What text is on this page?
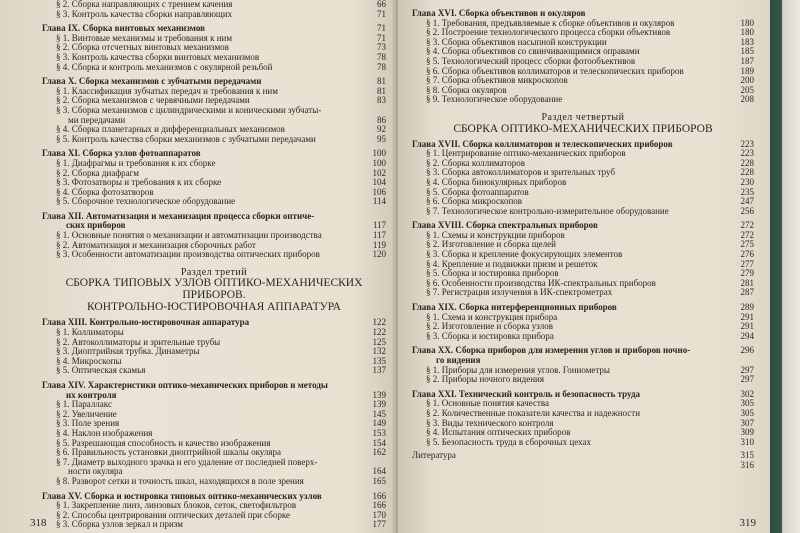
§ 2. Сборка направляющих с трением качения	66
§ 3. Контроль качества сборки направляющих	71
Глава IX. Сборка винтовых механизмов	71
§ 1. Винтовые механизмы и требования к ним	71
§ 2. Сборка отсчетных винтовых механизмов	73
§ 3. Контроль качества сборки винтовых механизмов	78
§ 4. Сборка и контроль механизмов с окулярной резьбой	78
Глава X. Сборка механизмов с зубчатыми передачами	81
§ 1. Классификация зубчатых передач и требования к ним	81
§ 2. Сборка механизмов с червячными передачами	83
§ 3. Сборка механизмов с цилиндрическими и коническими зубчаты-
ми передачами	86
§ 4. Сборка планетарных и дифференциальных механизмов	92
§ 5. Контроль качества сборки механизмов с зубчатыми передачами	95
Глава XI. Сборка узлов фотоаппаратов	100
§ 1. Диафрагмы и требования к их сборке	100
§ 2. Сборка диафрагм	102
§ 3. Фотозатворы и требования к их сборке	104
§ 4. Сборка фотозатворов	106
§ 5. Сборочное технологическое оборудование	114
Глава XII. Автоматизация и механизация процесса сборки оптиче-
ских приборов	117
§ 1. Основные понятия о механизации и автоматизации производства	117
§ 2. Автоматизация и механизация сборочных работ	119
§ 3. Особенности автоматизации производства оптических приборов	120
Раздел третий
СБОРКА ТИПОВЫХ УЗЛОВ ОПТИКО-МЕХАНИЧЕСКИХ ПРИБОРОВ.
КОНТРОЛЬНО-ЮСТИРОВОЧНАЯ АППАРАТУРА
Глава XIII. Контрольно-юстировочная аппаратура	122
§ 1. Коллиматоры	122
§ 2. Автоколлиматоры и зрительные трубы	125
§ 3. Диоптрийная трубка. Динаметры	132
§ 4. Микроскопы	135
§ 5. Оптическая скамья	137
Глава XIV. Характеристики оптико-механических приборов и методы
их контроля	139
§ 1. Параллакс	139
§ 2. Увеличение	145
§ 3. Поле зрения	149
§ 4. Наклон изображения	153
§ 5. Разрешающая способность и качество изображения	154
§ 6. Правильность установки диоптрийной шкалы окуляра	162
§ 7. Диаметр выходного зрачка и его удаление от последней поверх-
ности окуляра	164
§ 8. Разворот сетки и точность шкал, находящихся в поле зрения	165
Глава XV. Сборка и юстировка типовых оптико-механических узлов	166
§ 1. Закрепление линз, линзовых блоков, сеток, светофильтров	166
§ 2. Способы центрирования оптических деталей при сборке	170
§ 3. Сборка узлов зеркал и призм	177
318
Глава XVI. Сборка объективов и окуляров
§ 1. Требования, предъявляемые к сборке объективов и окуляров	180
§ 2. Построение технологического процесса сборки объективов	180
§ 3. Сборка объективов насыпной конструкции	183
§ 4. Сборка объективов со свинчивающимися оправами	185
§ 5. Технологический процесс сборки фотообъективов	187
§ 6. Сборка объективов коллиматоров и телескопических приборов	189
§ 7. Сборка объективов микроскопов	200
§ 8. Сборка окуляров	205
§ 9. Технологическое оборудование	208
Раздел четвертый
СБОРКА ОПТИКО-МЕХАНИЧЕСКИХ ПРИБОРОВ
Глава XVII. Сборка коллиматоров и телескопических приборов	223
§ 1. Центрирование оптико-механических приборов	223
§ 2. Сборка коллиматоров	228
§ 3. Сборка автоколлиматоров и зрительных труб	228
§ 4. Сборка бинокулярных приборов	230
§ 5. Сборка фотоаппаратов	235
§ 6. Сборка микроскопов	247
§ 7. Технологическое контрольно-измерительное оборудование	256
Глава XVIII. Сборка спектральных приборов	272
§ 1. Схемы и конструкции приборов	272
§ 2. Изготовление и сборка щелей	275
§ 3. Сборка и крепление фокусирующих элементов	276
§ 4. Крепление и подвижки призм и решеток	277
§ 5. Сборка и юстировка приборов	279
§ 6. Особенности производства ИК-спектральных приборов	281
§ 7. Регистрация излучения в ИК-спектрометрах	287
Глава XIX. Сборка интерференционных приборов	289
§ 1. Схема и конструкция прибора	291
§ 2. Изготовление и сборка узлов	291
§ 3. Сборка и юстировка прибора	294
Глава XX. Сборка приборов для измерения углов и приборов ночно-	296
го видения
§ 1. Приборы для измерения углов. Гониометры	297
§ 2. Приборы ночного видения	297
Глава XXI. Технический контроль и безопасность труда	302
§ 1. Основные понятия качества	305
§ 2. Количественные показатели качества и надежности	305
§ 3. Виды технического контроля	307
§ 4. Испытания оптических приборов	309
§ 5. Безопасность труда в сборочных цехах	310
Литература	315
316
319
